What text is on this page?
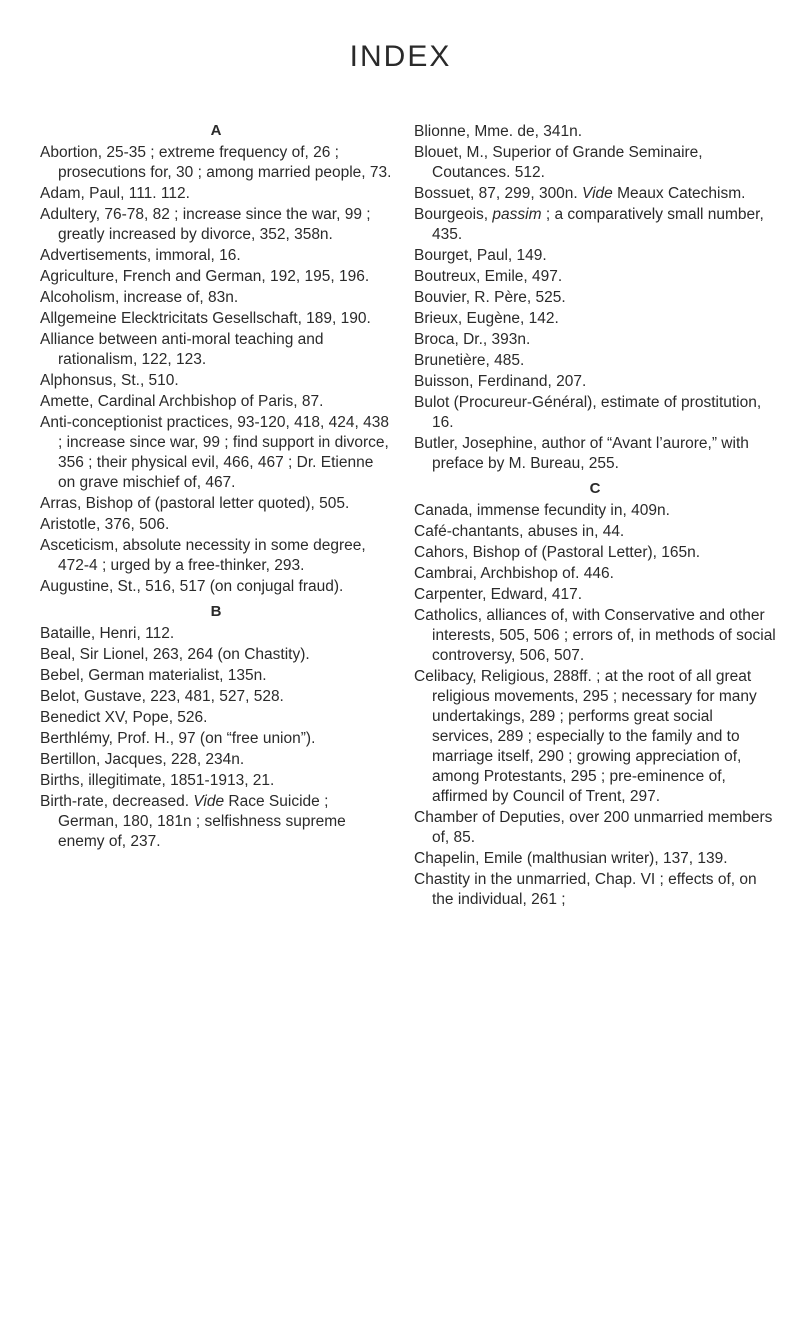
INDEX
A

Abortion, 25-35 ; extreme frequency of, 26 ; prosecutions for, 30 ; among married people, 73.

Adam, Paul, 111. 112.

Adultery, 76-78, 82 ; increase since the war, 99 ; greatly increased by divorce, 352, 358n.

Advertisements, immoral, 16.

Agriculture, French and German, 192, 195, 196.

Alcoholism, increase of, 83n.

Allgemeine Elecktricitats Gesellschaft, 189, 190.

Alliance between anti-moral teaching and rationalism, 122, 123.

Alphonsus, St., 510.

Amette, Cardinal Archbishop of Paris, 87.

Anti-conceptionist practices, 93-120, 418, 424, 438 ; increase since war, 99 ; find support in divorce, 356 ; their physical evil, 466, 467 ; Dr. Etienne on grave mischief of, 467.

Arras, Bishop of (pastoral letter quoted), 505.

Aristotle, 376, 506.

Asceticism, absolute necessity in some degree, 472-4 ; urged by a free-thinker, 293.

Augustine, St., 516, 517 (on conjugal fraud).

B

Bataille, Henri, 112.

Beal, Sir Lionel, 263, 264 (on Chastity).

Bebel, German materialist, 135n.

Belot, Gustave, 223, 481, 527, 528.

Benedict XV, Pope, 526.

Berthlémy, Prof. H., 97 (on “free union”).

Bertillon, Jacques, 228, 234n.

Births, illegitimate, 1851-1913, 21.

Birth-rate, decreased. Vide Race Suicide ; German, 180, 181n ; selfishness supreme enemy of, 237.

Blionne, Mme. de, 341n.

Blouet, M., Superior of Grande Seminaire, Coutances. 512.

Bossuet, 87, 299, 300n. Vide Meaux Catechism.

Bourgeois, passim ; a comparatively small number, 435.

Bourget, Paul, 149.

Boutreux, Emile, 497.

Bouvier, R. Père, 525.

Brieux, Eugène, 142.

Broca, Dr., 393n.

Brunetière, 485.

Buisson, Ferdinand, 207.

Bulot (Procureur-Général), estimate of prostitution, 16.

Butler, Josephine, author of “Avant l’aurore,” with preface by M. Bureau, 255.

C

Canada, immense fecundity in, 409n.

Café-chantants, abuses in, 44.

Cahors, Bishop of (Pastoral Letter), 165n.

Cambrai, Archbishop of. 446.

Carpenter, Edward, 417.

Catholics, alliances of, with Conservative and other interests, 505, 506 ; errors of, in methods of social controversy, 506, 507.

Celibacy, Religious, 288ff. ; at the root of all great religious movements, 295 ; necessary for many undertakings, 289 ; performs great social services, 289 ; especially to the family and to marriage itself, 290 ; growing appreciation of, among Protestants, 295 ; pre-eminence of, affirmed by Council of Trent, 297.

Chamber of Deputies, over 200 unmarried members of, 85.

Chapelin, Emile (malthusian writer), 137, 139.

Chastity in the unmarried, Chap. VI ; effects of, on the individual, 261 ;
